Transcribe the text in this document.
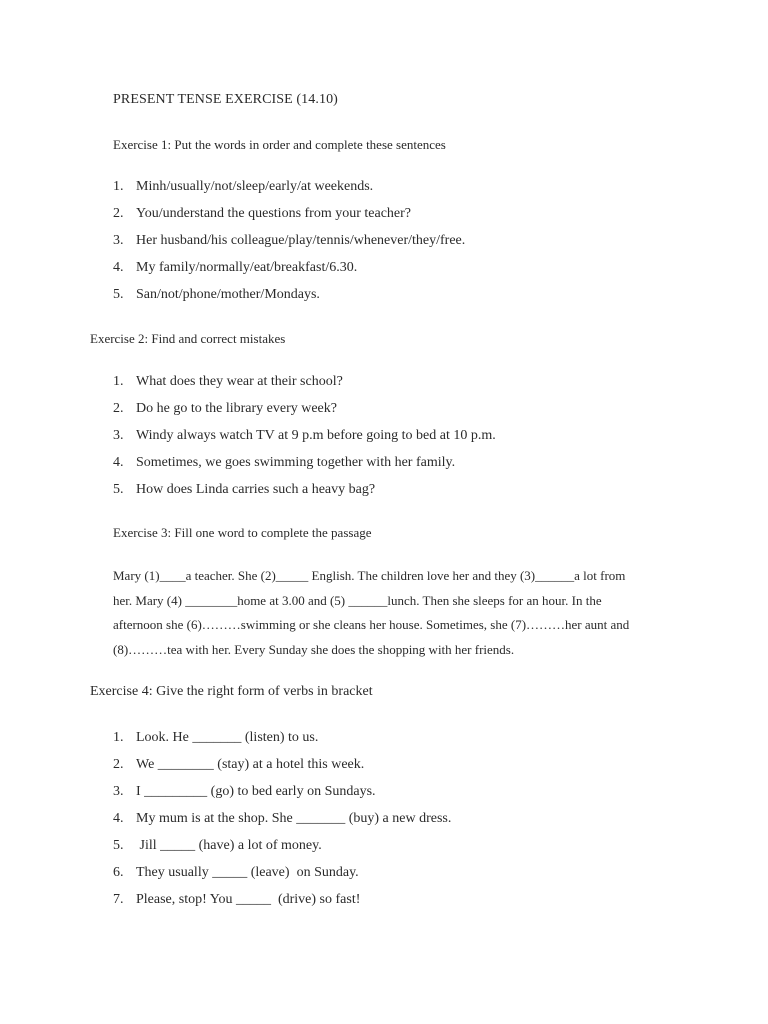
PRESENT TENSE EXERCISE (14.10)
Exercise 1: Put the words in order and complete these sentences
1. Minh/usually/not/sleep/early/at weekends.
2. You/understand the questions from your teacher?
3. Her husband/his colleague/play/tennis/whenever/they/free.
4. My family/normally/eat/breakfast/6.30.
5. San/not/phone/mother/Mondays.
Exercise 2: Find and correct mistakes
1. What does they wear at their school?
2. Do he go to the library every week?
3. Windy always watch TV at 9 p.m before going to bed at 10 p.m.
4. Sometimes, we goes swimming together with her family.
5. How does Linda carries such a heavy bag?
Exercise 3: Fill one word to complete the passage
Mary (1)____a teacher. She (2)_____ English. The children love her and they (3)______a lot from
her. Mary (4) ________home at 3.00 and (5) ______lunch. Then she sleeps for an hour. In the
afternoon she (6)………swimming or she cleans her house. Sometimes, she (7)………her aunt and
(8)………tea with her. Every Sunday she does the shopping with her friends.
Exercise 4: Give the right form of verbs in bracket
1. Look. He _______ (listen) to us.
2. We ________ (stay) at a hotel this week.
3. I _________ (go) to bed early on Sundays.
4. My mum is at the shop. She _______ (buy) a new dress.
5. Jill _____ (have) a lot of money.
6. They usually _____ (leave)  on Sunday.
7. Please, stop! You _____  (drive) so fast!
